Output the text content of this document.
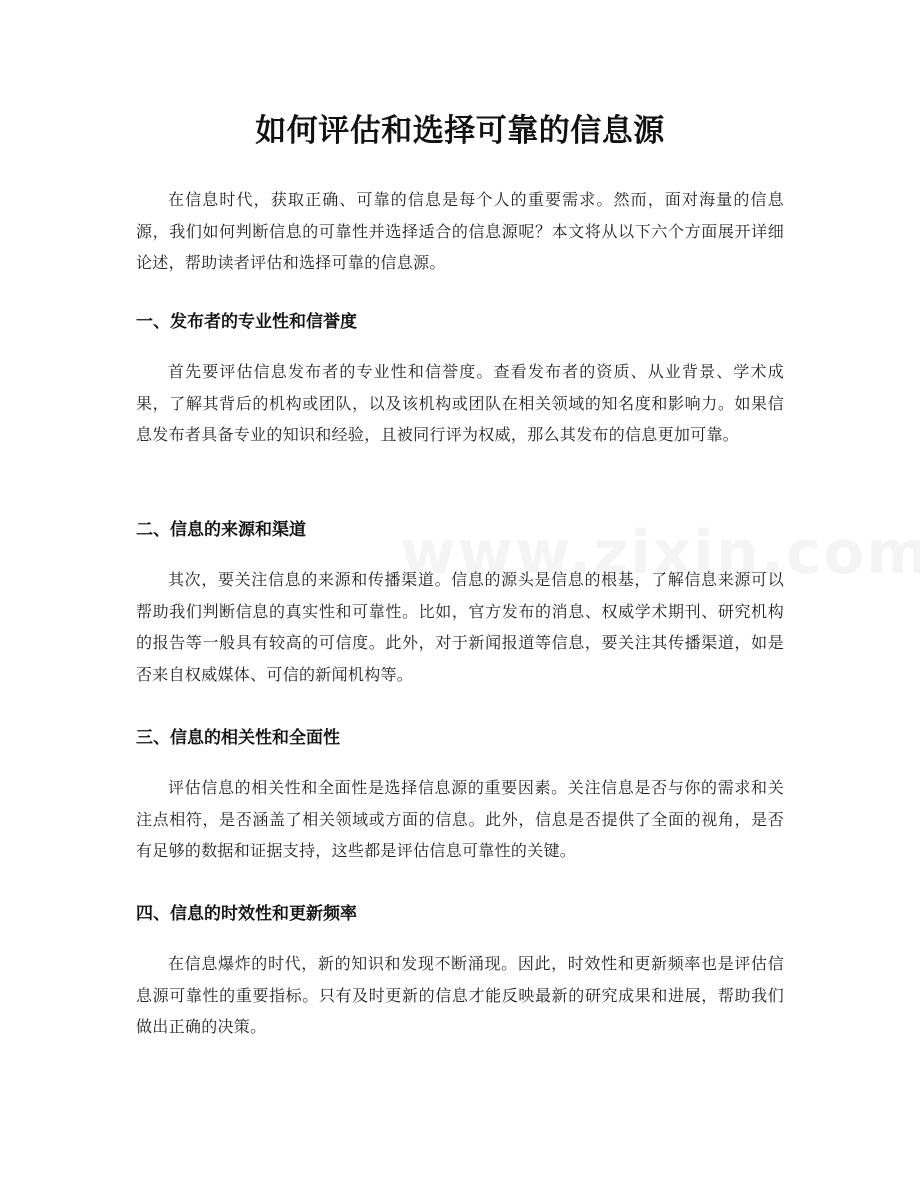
如何评估和选择可靠的信息源

在信息时代，获取正确、可靠的信息是每个人的重要需求。然而，面对海量的信息源，我们如何判断信息的可靠性并选择适合的信息源呢？本文将从以下六个方面展开详细论述，帮助读者评估和选择可靠的信息源。

一、发布者的专业性和信誉度

首先要评估信息发布者的专业性和信誉度。查看发布者的资质、从业背景、学术成果，了解其背后的机构或团队，以及该机构或团队在相关领域的知名度和影响力。如果信息发布者具备专业的知识和经验，且被同行评为权威，那么其发布的信息更加可靠。

二、信息的来源和渠道

其次，要关注信息的来源和传播渠道。信息的源头是信息的根基，了解信息来源可以帮助我们判断信息的真实性和可靠性。比如，官方发布的消息、权威学术期刊、研究机构的报告等一般具有较高的可信度。此外，对于新闻报道等信息，要关注其传播渠道，如是否来自权威媒体、可信的新闻机构等。

三、信息的相关性和全面性

评估信息的相关性和全面性是选择信息源的重要因素。关注信息是否与你的需求和关注点相符，是否涵盖了相关领域或方面的信息。此外，信息是否提供了全面的视角，是否有足够的数据和证据支持，这些都是评估信息可靠性的关键。

四、信息的时效性和更新频率

在信息爆炸的时代，新的知识和发现不断涌现。因此，时效性和更新频率也是评估信息源可靠性的重要指标。只有及时更新的信息才能反映最新的研究成果和进展，帮助我们做出正确的决策。
